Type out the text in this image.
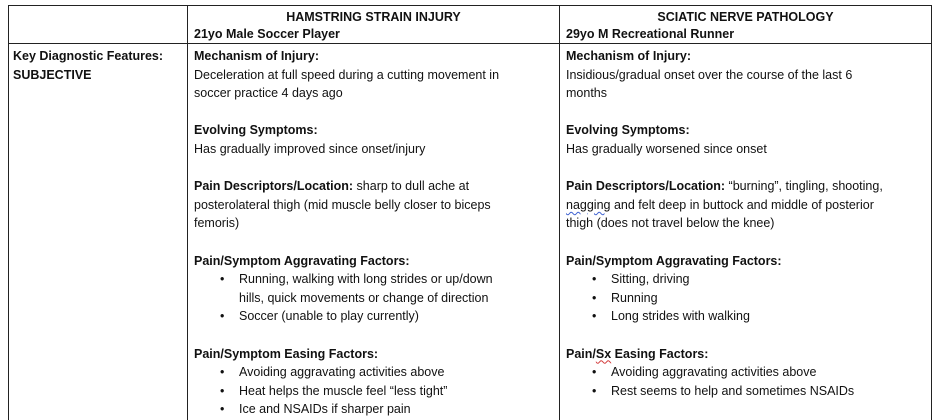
HAMSTRING STRAIN INJURY
21yo Male Soccer Player
SCIATIC NERVE PATHOLOGY
29yo M Recreational Runner
Key Diagnostic Features:
SUBJECTIVE
Mechanism of Injury:
Deceleration at full speed during a cutting movement in
soccer practice 4 days ago
Evolving Symptoms:
Has gradually improved since onset/injury
Pain Descriptors/Location: sharp to dull ache at
posterolateral thigh (mid muscle belly closer to biceps
femoris)
Pain/Symptom Aggravating Factors:
• Running, walking with long strides or up/down
hills, quick movements or change of direction
• Soccer (unable to play currently)
Pain/Symptom Easing Factors:
• Avoiding aggravating activities above
• Heat helps the muscle feel “less tight”
• Ice and NSAIDs if sharper pain
Mechanism of Injury:
Insidious/gradual onset over the course of the last 6
months
Evolving Symptoms:
Has gradually worsened since onset
Pain Descriptors/Location: “burning”, tingling, shooting,
nagging and felt deep in buttock and middle of posterior
thigh (does not travel below the knee)
Pain/Symptom Aggravating Factors:
• Sitting, driving
• Running
• Long strides with walking
Pain/Sx Easing Factors:
• Avoiding aggravating activities above
• Rest seems to help and sometimes NSAIDs
